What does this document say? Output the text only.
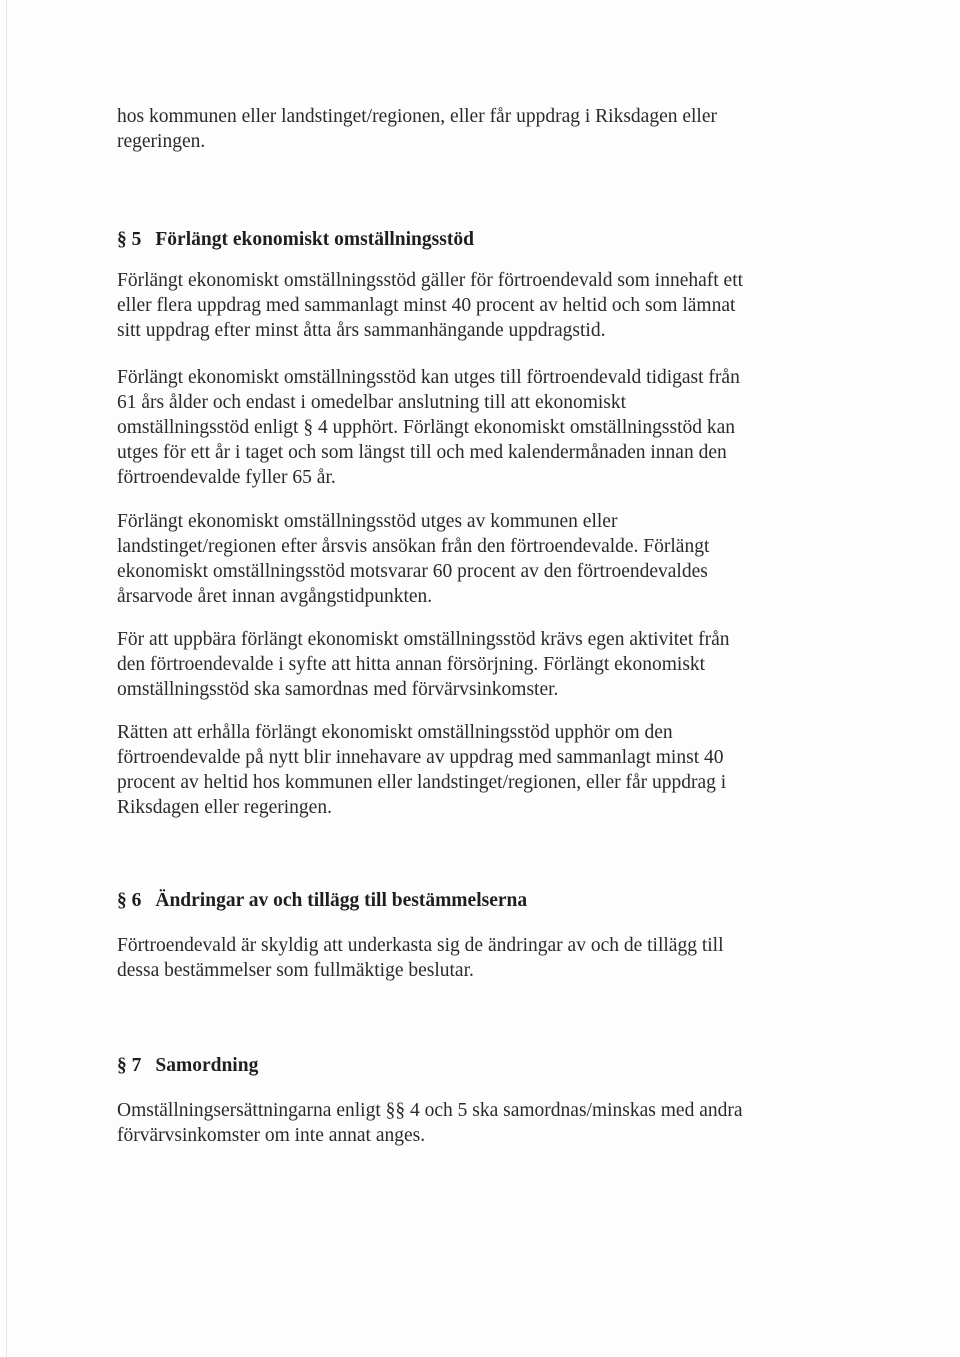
hos kommunen eller landstinget/regionen, eller får uppdrag i Riksdagen eller
regeringen.
§ 5 Förlängt ekonomiskt omställningsstöd
Förlängt ekonomiskt omställningsstöd gäller för förtroendevald som innehaft ett
eller flera uppdrag med sammanlagt minst 40 procent av heltid och som lämnat
sitt uppdrag efter minst åtta års sammanhängande uppdragstid.
Förlängt ekonomiskt omställningsstöd kan utges till förtroendevald tidigast från
61 års ålder och endast i omedelbar anslutning till att ekonomiskt
omställningsstöd enligt § 4 upphört. Förlängt ekonomiskt omställningsstöd kan
utges för ett år i taget och som längst till och med kalendermånaden innan den
förtroendevalde fyller 65 år.
Förlängt ekonomiskt omställningsstöd utges av kommunen eller
landstinget/regionen efter årsvis ansökan från den förtroendevalde. Förlängt
ekonomiskt omställningsstöd motsvarar 60 procent av den förtroendevaldes
årsarvode året innan avgångstidpunkten.
För att uppbära förlängt ekonomiskt omställningsstöd krävs egen aktivitet från
den förtroendevalde i syfte att hitta annan försörjning. Förlängt ekonomiskt
omställningsstöd ska samordnas med förvärvsinkomster.
Rätten att erhålla förlängt ekonomiskt omställningsstöd upphör om den
förtroendevalde på nytt blir innehavare av uppdrag med sammanlagt minst 40
procent av heltid hos kommunen eller landstinget/regionen, eller får uppdrag i
Riksdagen eller regeringen.
§ 6 Ändringar av och tillägg till bestämmelserna
Förtroendevald är skyldig att underkasta sig de ändringar av och de tillägg till
dessa bestämmelser som fullmäktige beslutar.
§ 7 Samordning
Omställningsersättningarna enligt §§ 4 och 5 ska samordnas/minskas med andra
förvärvsinkomster om inte annat anges.
